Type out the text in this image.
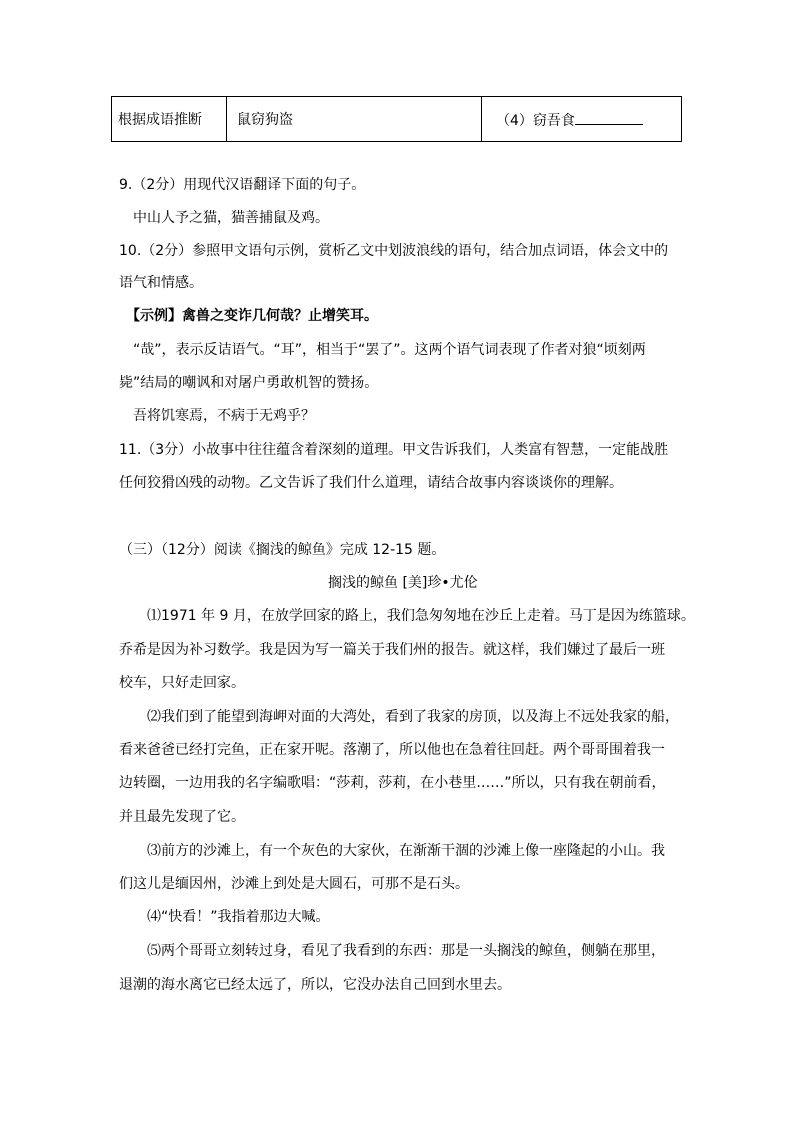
根据成语推断	鼠窃狗盗	（4）窃吾食
9.（2分）用现代汉语翻译下面的句子。
中山人予之猫，猫善捕鼠及鸡。
10.（2分）参照甲文语句示例，赏析乙文中划波浪线的语句，结合加点词语，体会文中的
语气和情感。
【示例】禽兽之变诈几何哉？止增笑耳。
“哉”，表示反诘语气。“耳”，相当于“罢了”。这两个语气词表现了作者对狼“顷刻两
毙”结局的嘲讽和对屠户勇敢机智的赞扬。
吾将饥寒焉，不病于无鸡乎？
11.（3分）小故事中往往蕴含着深刻的道理。甲文告诉我们，人类富有智慧，一定能战胜
任何狡猾凶残的动物。乙文告诉了我们什么道理，请结合故事内容谈谈你的理解。
（三）（12分）阅读《搁浅的鲸鱼》完成 12-15 题。
搁浅的鲸鱼 [美]珍•尤伦
⑴1971 年 9 月，在放学回家的路上，我们急匆匆地在沙丘上走着。马丁是因为练篮球。
乔希是因为补习数学。我是因为写一篇关于我们州的报告。就这样，我们嫌过了最后一班
校车，只好走回家。
⑵我们到了能望到海岬对面的大湾处，看到了我家的房顶，以及海上不远处我家的船，
看来爸爸已经打完鱼，正在家开呢。落潮了，所以他也在急着往回赶。两个哥哥围着我一
边转圈，一边用我的名字编歌唱：“莎莉，莎莉，在小巷里……”所以，只有我在朝前看，
并且最先发现了它。
⑶前方的沙滩上，有一个灰色的大家伙，在渐渐干涸的沙滩上像一座隆起的小山。我
们这儿是缅因州，沙滩上到处是大圆石，可那不是石头。
⑷“快看！”我指着那边大喊。
⑸两个哥哥立刻转过身，看见了我看到的东西：那是一头搁浅的鲸鱼，侧躺在那里，
退潮的海水离它已经太远了，所以，它没办法自己回到水里去。
